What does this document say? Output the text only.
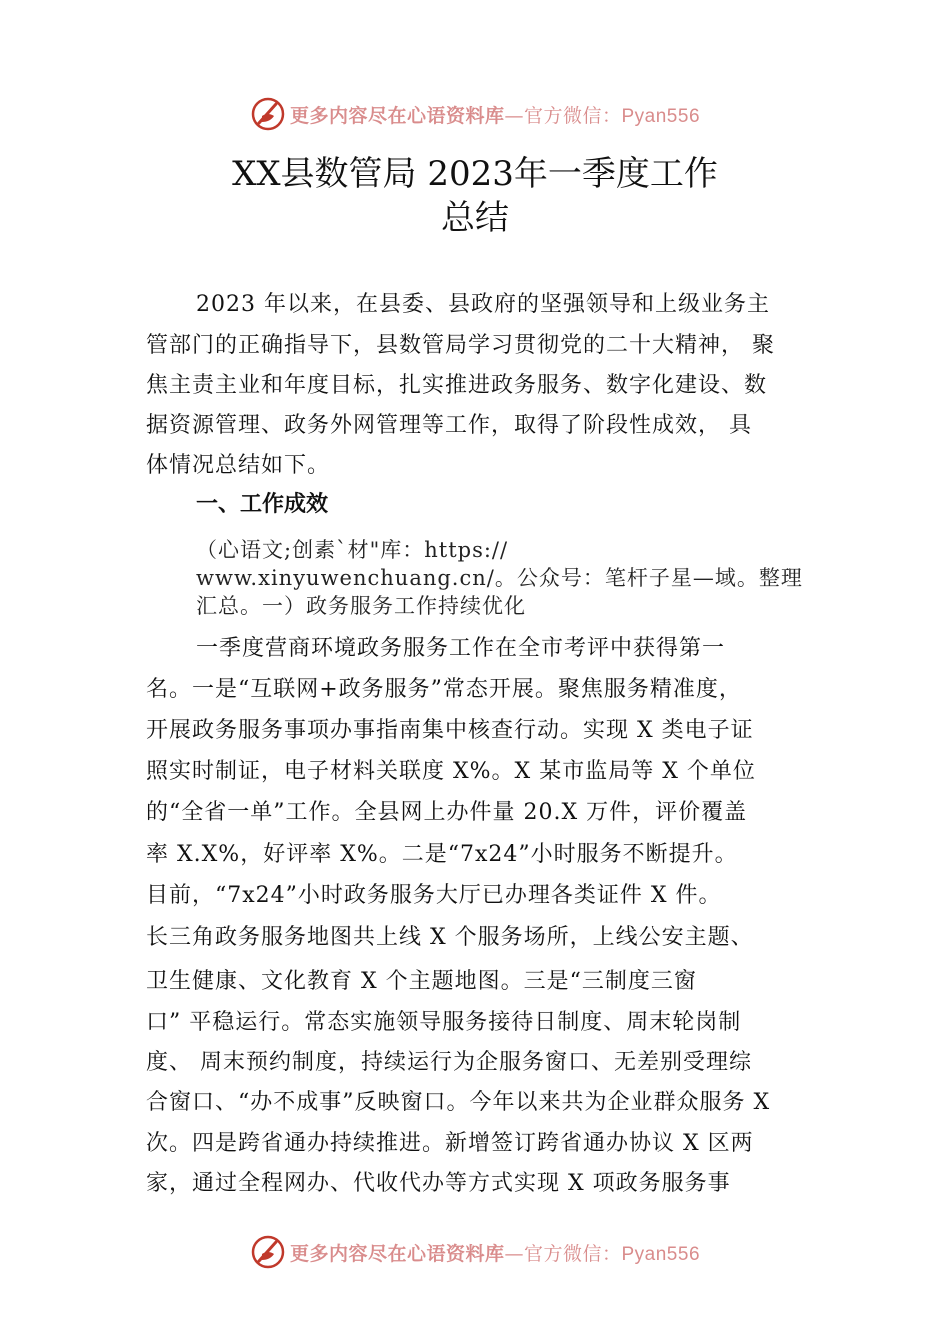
更多内容尽在心语资料库—官方微信：Pyan556
XX县数管局 2023年一季度工作
总结
2023 年以来，在县委、县政府的坚强领导和上级业务主
管部门的正确指导下，县数管局学习贯彻党的二十大精神， 聚
焦主责主业和年度目标，扎实推进政务服务、数字化建设、数
据资源管理、政务外网管理等工作，取得了阶段性成效， 具
体情况总结如下。
一、工作成效
（心语文;创素`材"库：https://
www.xinyuwenchuang.cn/。公众号：笔杆子星—域。整理
汇总。一）政务服务工作持续优化
一季度营商环境政务服务工作在全市考评中获得第一
名。一是“互联网+政务服务”常态开展。聚焦服务精准度，
开展政务服务事项办事指南集中核查行动。实现 X 类电子证
照实时制证，电子材料关联度 X%。X 某市监局等 X 个单位
的“全省一单”工作。全县网上办件量 20.X 万件，评价覆盖
率 X.X%，好评率 X%。二是“7x24”小时服务不断提升。
目前，“7x24”小时政务服务大厅已办理各类证件 X 件。
长三角政务服务地图共上线 X 个服务场所，上线公安主题、
卫生健康、文化教育 X 个主题地图。三是“三制度三窗
口” 平稳运行。常态实施领导服务接待日制度、周末轮岗制
度、 周末预约制度，持续运行为企服务窗口、无差别受理综
合窗口、“办不成事”反映窗口。今年以来共为企业群众服务 X
次。四是跨省通办持续推进。新增签订跨省通办协议 X 区两
家，通过全程网办、代收代办等方式实现 X 项政务服务事
更多内容尽在心语资料库—官方微信：Pyan556
